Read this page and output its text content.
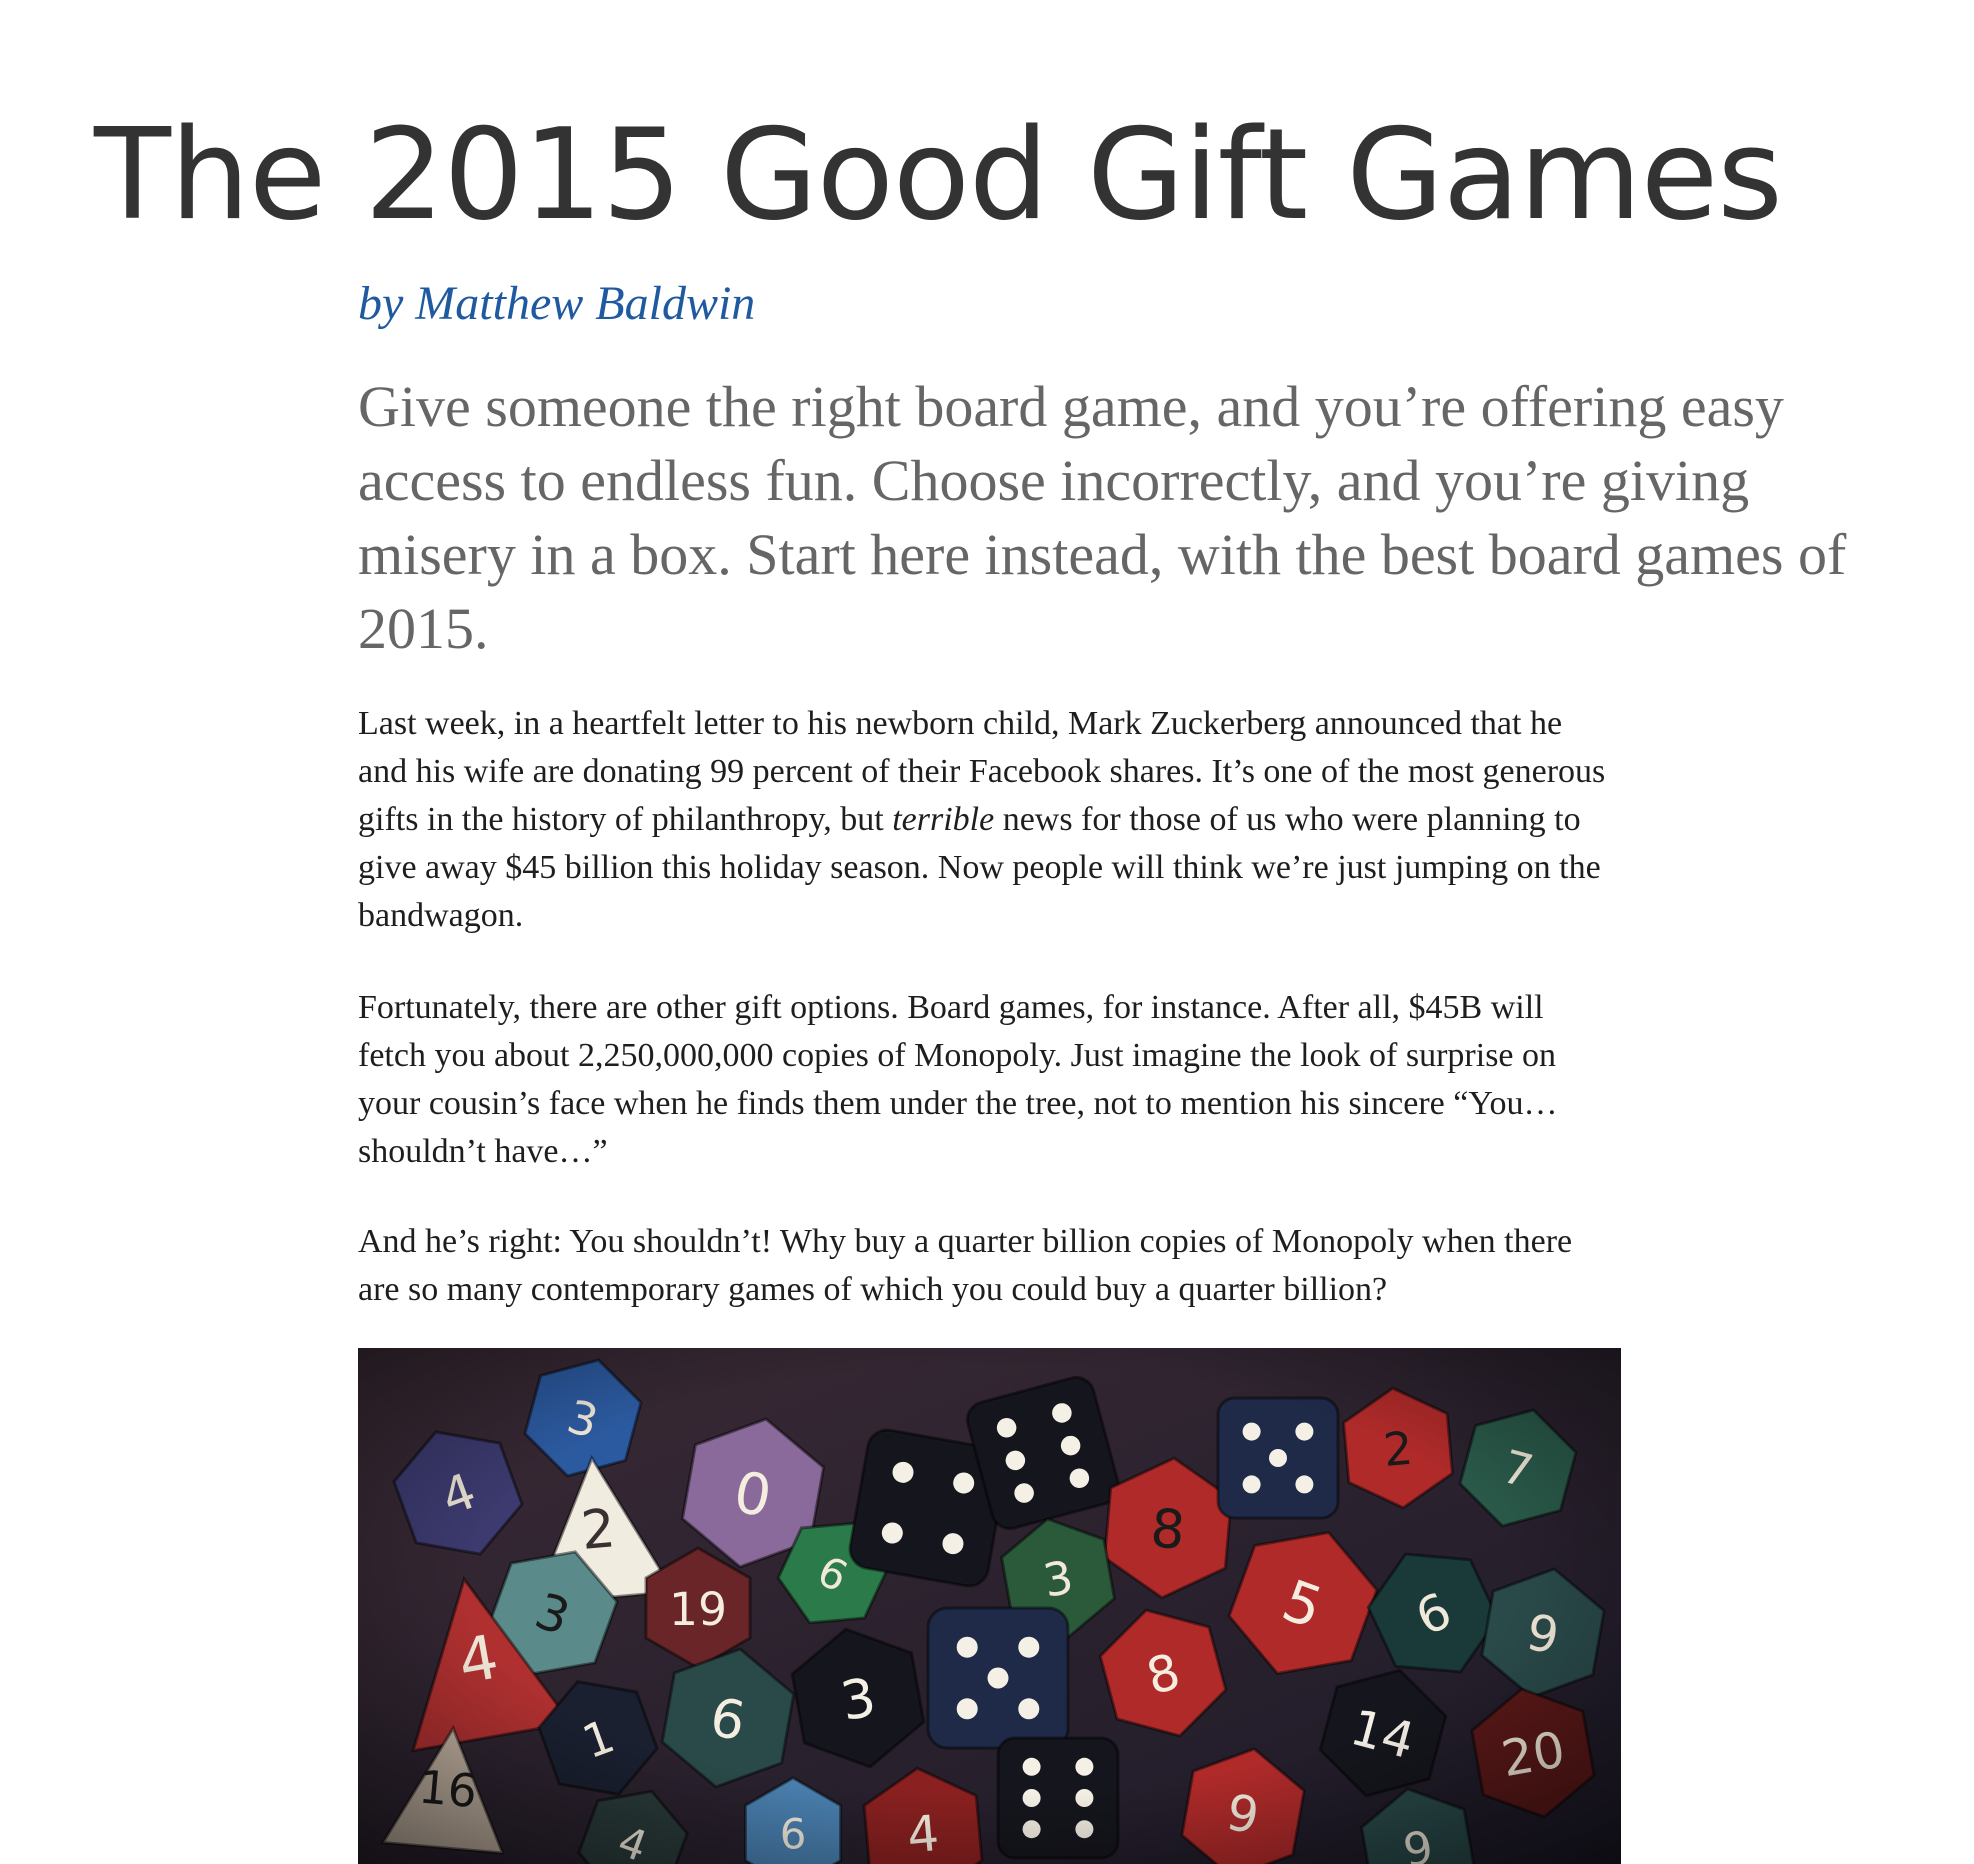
The 2015 Good Gift Games

by Matthew Baldwin

Give someone the right board game, and you’re offering easy access to endless fun. Choose incorrectly, and you’re giving misery in a box. Start here instead, with the best board games of 2015.

Last week, in a heartfelt letter to his newborn child, Mark Zuckerberg announced that he and his wife are donating 99 percent of their Facebook shares. It’s one of the most generous gifts in the history of philanthropy, but terrible news for those of us who were planning to give away $45 billion this holiday season. Now people will think we’re just jumping on the bandwagon.

Fortunately, there are other gift options. Board games, for instance. After all, $45B will fetch you about 2,250,000,000 copies of Monopoly. Just imagine the look of surprise on your cousin’s face when he finds them under the tree, not to mention his sincere “You… shouldn’t have…”

And he’s right: You shouldn’t! Why buy a quarter billion copies of Monopoly when there are so many contemporary games of which you could buy a quarter billion?
